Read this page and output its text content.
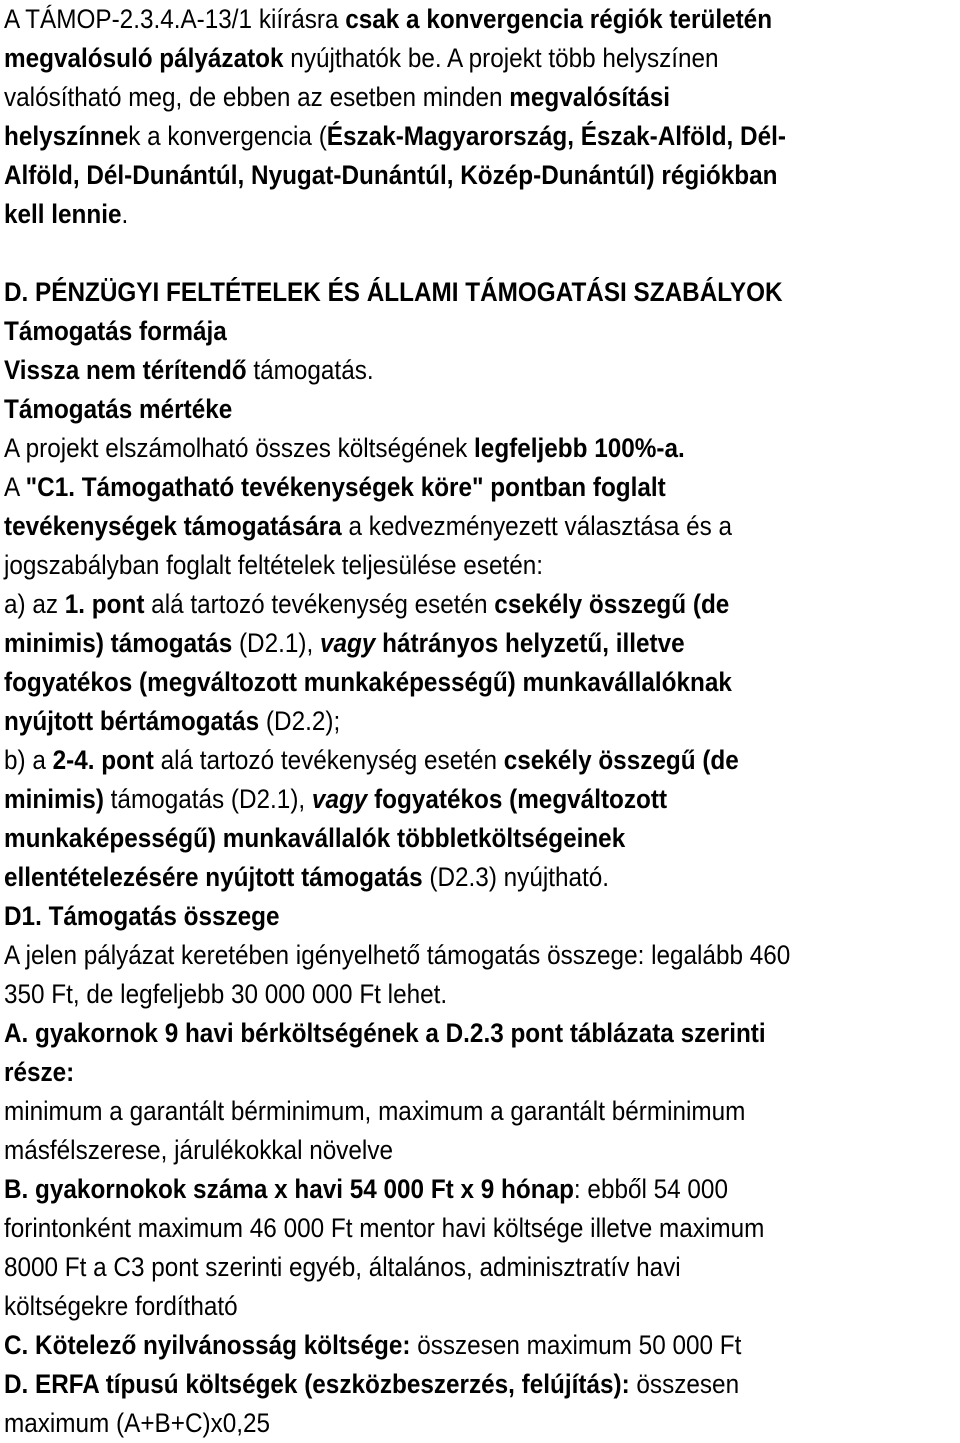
A TÁMOP-2.3.4.A-13/1 kiírásra csak a konvergencia régiók területén
megvalósuló pályázatok nyújthatók be. A projekt több helyszínen
valósítható meg, de ebben az esetben minden megvalósítási
helyszínnek a konvergencia (Észak-Magyarország, Észak-Alföld, Dél-
Alföld, Dél-Dunántúl, Nyugat-Dunántúl, Közép-Dunántúl) régiókban
kell lennie.
D. PÉNZÜGYI FELTÉTELEK ÉS ÁLLAMI TÁMOGATÁSI SZABÁLYOK
Támogatás formája
Vissza nem térítendő támogatás.
Támogatás mértéke
A projekt elszámolható összes költségének legfeljebb 100%-a.
A "C1. Támogatható tevékenységek köre" pontban foglalt
tevékenységek támogatására a kedvezményezett választása és a
jogszabályban foglalt feltételek teljesülése esetén:
a) az 1. pont alá tartozó tevékenység esetén csekély összegű (de
minimis) támogatás (D2.1), vagy hátrányos helyzetű, illetve
fogyatékos (megváltozott munkaképességű) munkavállalóknak
nyújtott bértámogatás (D2.2);
b) a 2-4. pont alá tartozó tevékenység esetén csekély összegű (de
minimis) támogatás (D2.1), vagy fogyatékos (megváltozott
munkaképességű) munkavállalók többletköltségeinek
ellentételezésére nyújtott támogatás (D2.3) nyújtható.
D1. Támogatás összege
A jelen pályázat keretében igényelhető támogatás összege: legalább 460
350 Ft, de legfeljebb 30 000 000 Ft lehet.
A. gyakornok 9 havi bérköltségének a D.2.3 pont táblázata szerinti
része:
minimum a garantált bérminimum, maximum a garantált bérminimum
másfélszerese, járulékokkal növelve
B. gyakornokok száma x havi 54 000 Ft x 9 hónap: ebből 54 000
forintonként maximum 46 000 Ft mentor havi költsége illetve maximum
8000 Ft a C3 pont szerinti egyéb, általános, adminisztratív havi
költségekre fordítható
C. Kötelező nyilvánosság költsége: összesen maximum 50 000 Ft
D. ERFA típusú költségek (eszközbeszerzés, felújítás): összesen
maximum (A+B+C)x0,25
